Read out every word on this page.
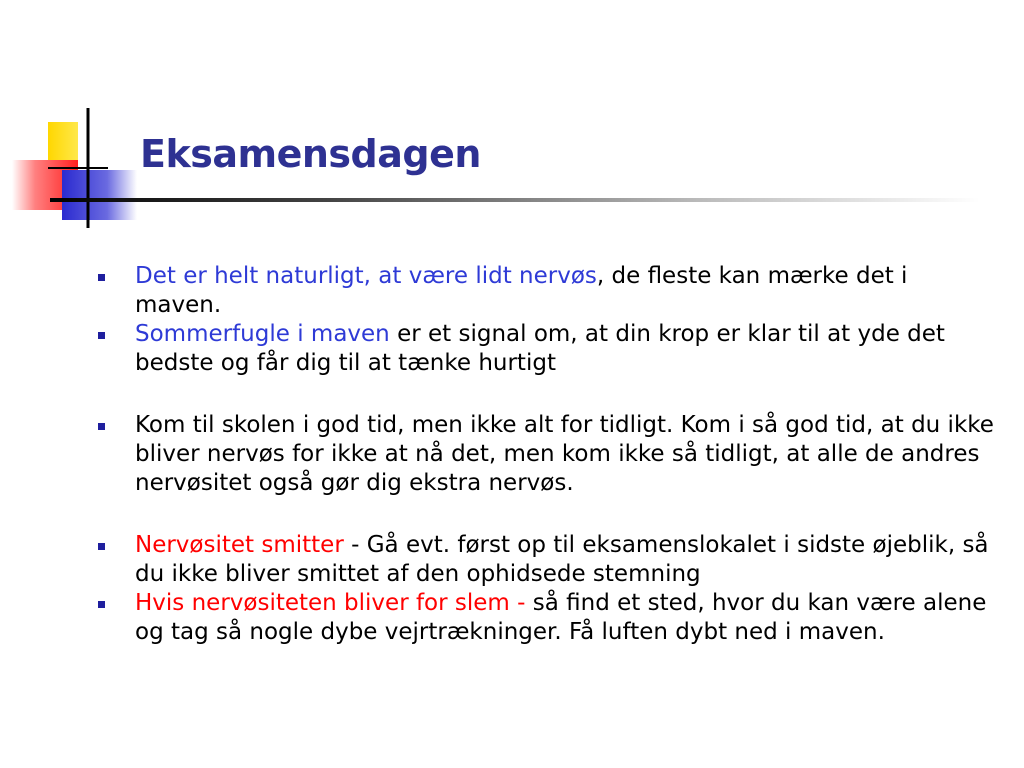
Eksamensdagen
Det er helt naturligt, at være lidt nervøs, de fleste kan mærke det i maven.
Sommerfugle i maven er et signal om, at din krop er klar til at yde det bedste og får dig til at tænke hurtigt
Kom til skolen i god tid, men ikke alt for tidligt. Kom i så god tid, at du ikke bliver nervøs for ikke at nå det, men kom ikke så tidligt, at alle de andres nervøsitet også gør dig ekstra nervøs.
Nervøsitet smitter - Gå evt. først op til eksamenslokalet i sidste øjeblik, så du ikke bliver smittet af den ophidsede stemning
Hvis nervøsiteten bliver for slem - så find et sted, hvor du kan være alene og tag så nogle dybe vejrtrækninger. Få luften dybt ned i maven.
